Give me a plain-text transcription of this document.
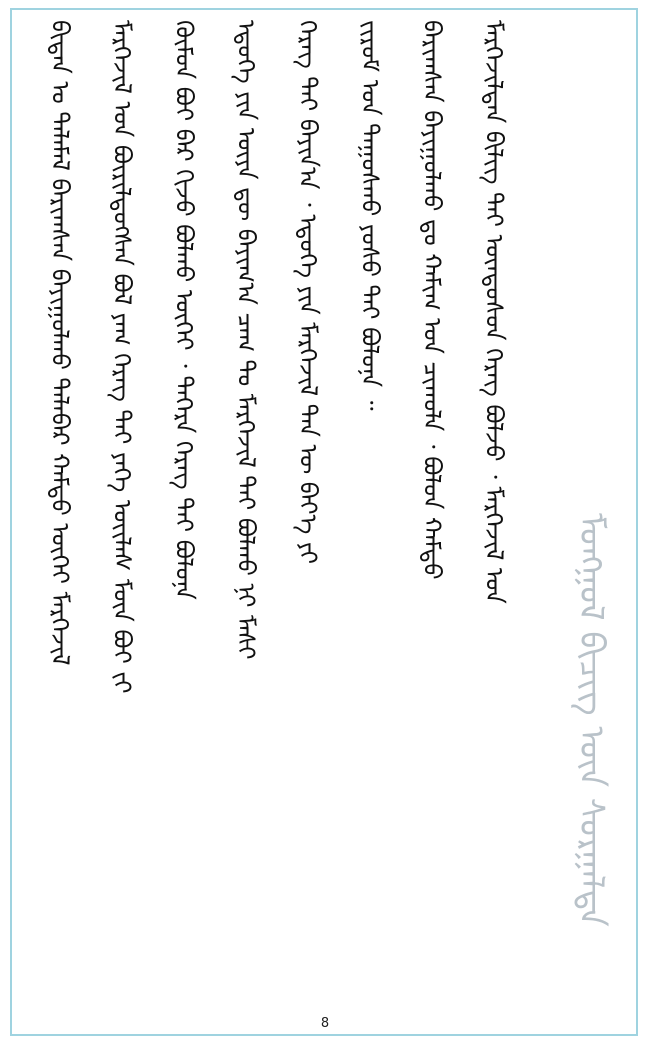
ᠪᠢᠳᠡᠨ ᠤ ᠲᠡᠯᠡᠮᠡᠯ ᠪᠠᠷᠢᠭᠰᠠᠨ ᠪᠠᠶᠢᠭᠤᠯᠬᠤ ᠲᠠᠯᠠᠪᠠᠷ ᠬᠠᠮᠲᠤ ᠦᠭᠡᠢ ᠮᠡᠷᠭᠡᠵᠢᠯ ᠮᠡᠷᠭᠡᠵᠢᠯ ᠤᠨ ᠪᠦᠷᠢᠯᠳᠦᠭᠰᠡᠨ ᠪᠣᠯ ᠶᠠᠭ ᠬᠡᠷᠡᠭ ᠲᠡᠢ ᠶᠡᠬᠡ ᠦᠢᠯᠡᠰ ᠮᠦᠨ ᠪᠤᠢ ᠵᠢ ᠬᠦᠮᠦᠨ ᠪᠤᠢ ᠪᠠᠷ ᠬᠢᠵᠦ ᠪᠣᠯᠬᠤ ᠦᠭᠡᠢ ᠂ ᠲᠡᠭᠡᠷᠡ ᠬᠡᠷᠡᠭ ᠲᠡᠢ ᠪᠣᠯᠤᠨᠠ ᠡᠳᠦᠭᠡ ᠶᠢᠨ ᠦᠶᠡ ᠳᠦ ᠪᠠᠶᠢᠭ᠎ᠠ ᠴᠠᠭ ᠲᠤ ᠮᠡᠷᠭᠡᠵᠢᠯ ᠲᠡᠢ ᠪᠣᠯᠬᠤ ᠨᠢ ᠮᠠᠰᠢ ᠬᠡᠷᠡᠭ ᠲᠡᠢ ᠪᠠᠶᠢᠨ᠎ᠠ ᠂ ᠡᠳᠦᠭᠡ ᠶᠢᠨ ᠮᠡᠷᠭᠡᠵᠢᠯ ᠲᠡᠨ ᠦ ᠪᠡᠶ᠎ᠡ ᠶᠢ ᠵᠢᠷᠤᠮ ᠤᠨ ᠳᠠᠭᠤᠰᠬᠤ ᠶᠤᠰᠤ ᠲᠠᠢ ᠪᠣᠯᠤᠨᠠ ᠃ ᠪᠠᠷᠢᠭᠰᠠᠨ ᠪᠠᠶᠢᠭᠤᠯᠬᠤ ᠳᠤ ᠬᠠᠮᠢᠭ ᠤᠨ ᠴᠢᠬᠤᠯᠠ ᠂ ᠪᠤᠯᠤᠨ ᠬᠠᠮᠲᠤ ᠮᠡᠷᠭᠡᠵᠢᠯᠲᠡᠨ ᠪᠢᠯᠢᠭ ᠲᠡᠢ ᠦᠨᠳᠦᠰᠦᠨ ᠬᠡᠷᠡᠭ ᠪᠣᠯᠵᠤ ᠂ ᠮᠡᠷᠭᠡᠵᠢᠯ ᠤᠨ
ᠮᠣᠩᠭᠣᠯ ᠪᠢᠴᠢᠭ ᠦᠨ ᠰᠤᠷᠭᠠᠯᠲᠠ
8
